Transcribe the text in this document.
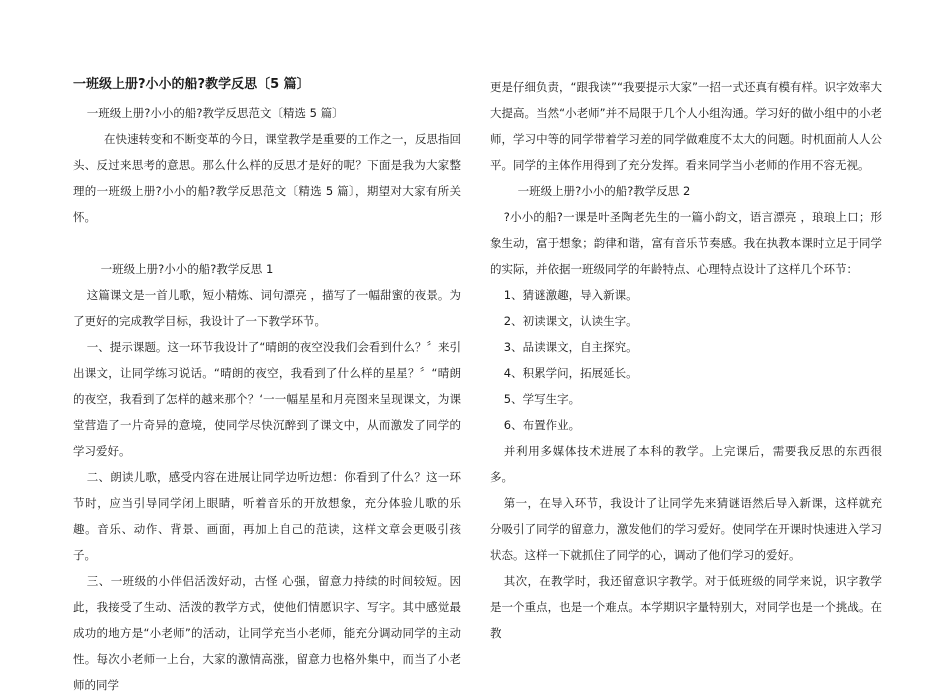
一班级上册?小小的船?教学反思〔5 篇〕

一班级上册?小小的船?教学反思范文〔精选 5 篇〕

在快速转变和不断变革的今日，课堂教学是重要的工作之一，反思指回头、反过来思考的意思。那么什么样的反思才是好的呢？下面是我为大家整理的一班级上册?小小的船?教学反思范文〔精选 5 篇〕，期望对大家有所关怀。

一班级上册?小小的船?教学反思 1

这篇课文是一首儿歌，短小精炼、词句漂亮 ，描写了一幅甜蜜的夜景。为了更好的完成教学目标，我设计了一下教学环节。

一、提示课题。这一环节我设计了“晴朗的夜空没我们会看到什么？〞来引出课文，让同学练习说话。“晴朗的夜空，我看到了什么样的星星？〞“晴朗的夜空，我看到了怎样的越来那个？‘一一幅星星和月亮图来呈现课文，为课堂营造了一片奇异的意境，使同学尽快沉醉到了课文中，从而激发了同学的学习爱好。

二、朗读儿歌，感受内容在进展让同学边听边想：你看到了什么？这一环节时，应当引导同学闭上眼睛，听着音乐的开放想象，充分体验儿歌的乐趣。音乐、动作、背景、画面，再加上自己的范读，这样文章会更吸引孩子。

三、一班级的小伴侣活泼好动，古怪 心强，留意力持续的时间较短。因此，我接受了生动、活泼的教学方式，使他们情愿识字、写字。其中感觉最成功的地方是“小老师”的活动，让同学充当小老师，能充分调动同学的主动性。每次小老师一上台，大家的激情高涨，留意力也格外集中，而当了小老师的同学

更是仔细负责，“跟我读”“我要提示大家”一招一式还真有模有样。识字效率大大提高。当然“小老师”并不局限于几个人小组沟通。学习好的做小组中的小老师，学习中等的同学带着学习差的同学做难度不太大的问题。时机面前人人公平。同学的主体作用得到了充分发挥。看来同学当小老师的作用不容无视。

一班级上册?小小的船?教学反思 2

?小小的船?一课是叶圣陶老先生的一篇小韵文，语言漂亮 ，琅琅上口；形象生动，富于想象；韵律和谐，富有音乐节奏感。我在执教本课时立足于同学的实际，并依据一班级同学的年龄特点、心理特点设计了这样几个环节：

1、猜谜激趣，导入新课。

2、初读课文，认读生字。

3、品读课文，自主探究。

4、积累学问，拓展延长。

5、学写生字。

6、布置作业。

并利用多媒体技术进展了本科的教学。上完课后，需要我反思的东西很多。

第一，在导入环节，我设计了让同学先来猜谜语然后导入新课，这样就充分吸引了同学的留意力，激发他们的学习爱好。使同学在开课时快速进入学习状态。这样一下就抓住了同学的心，调动了他们学习的爱好。

其次，在教学时，我还留意识字教学。对于低班级的同学来说，识字教学是一个重点，也是一个难点。本学期识字量特别大，对同学也是一个挑战。在教
